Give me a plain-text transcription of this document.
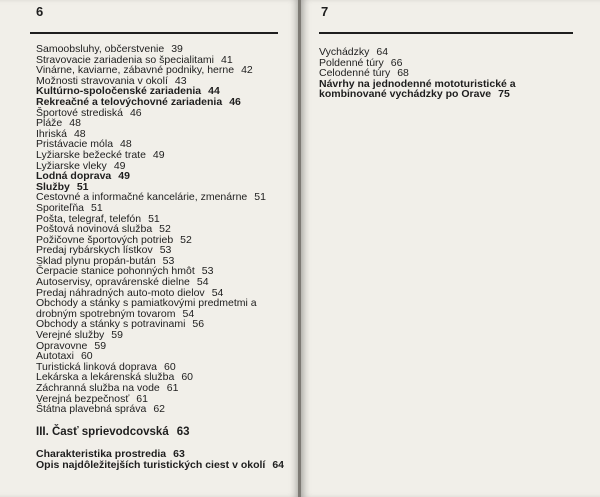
6
Samoobsluhy, občerstvenie 39
Stravovacie zariadenia so špecialitami 41
Vinárne, kaviarne, zábavné podniky, herne 42
Možnosti stravovania v okolí 43
Kultúrno-spoločenské zariadenia 44
Rekreačné a telovýchovné zariadenia 46
Športové strediská 46
Pláže 48
Ihriská 48
Pristávacie móla 48
Lyžiarske bežecké trate 49
Lyžiarske vleky 49
Lodná doprava 49
Služby 51
Cestovné a informačné kancelárie, zmenárne 51
Sporiteľňa 51
Pošta, telegraf, telefón 51
Poštová novinová služba 52
Požičovne športových potrieb 52
Predaj rybárskych lístkov 53
Sklad plynu propán-bután 53
Čerpacie stanice pohonných hmôt 53
Autoservisy, opravárenské dielne 54
Predaj náhradných auto-moto dielov 54
Obchody a stánky s pamiatkovými predmetmi a drobným spotrebným tovarom 54
Obchody a stánky s potravinami 56
Verejné služby 59
Opravovne 59
Autotaxi 60
Turistická linková doprava 60
Lekárska a lekárenská služba 60
Záchranná služba na vode 61
Verejná bezpečnosť 61
Štátna plavebná správa 62
III. Časť sprievodcovská 63
Charakteristika prostredia 63
Opis najdôležitejších turistických ciest v okolí 64
7
Vychádzky 64
Poldenné túry 66
Celodenné túry 68
Návrhy na jednodenné mototuristické a kombinované vychádzky po Orave 75
